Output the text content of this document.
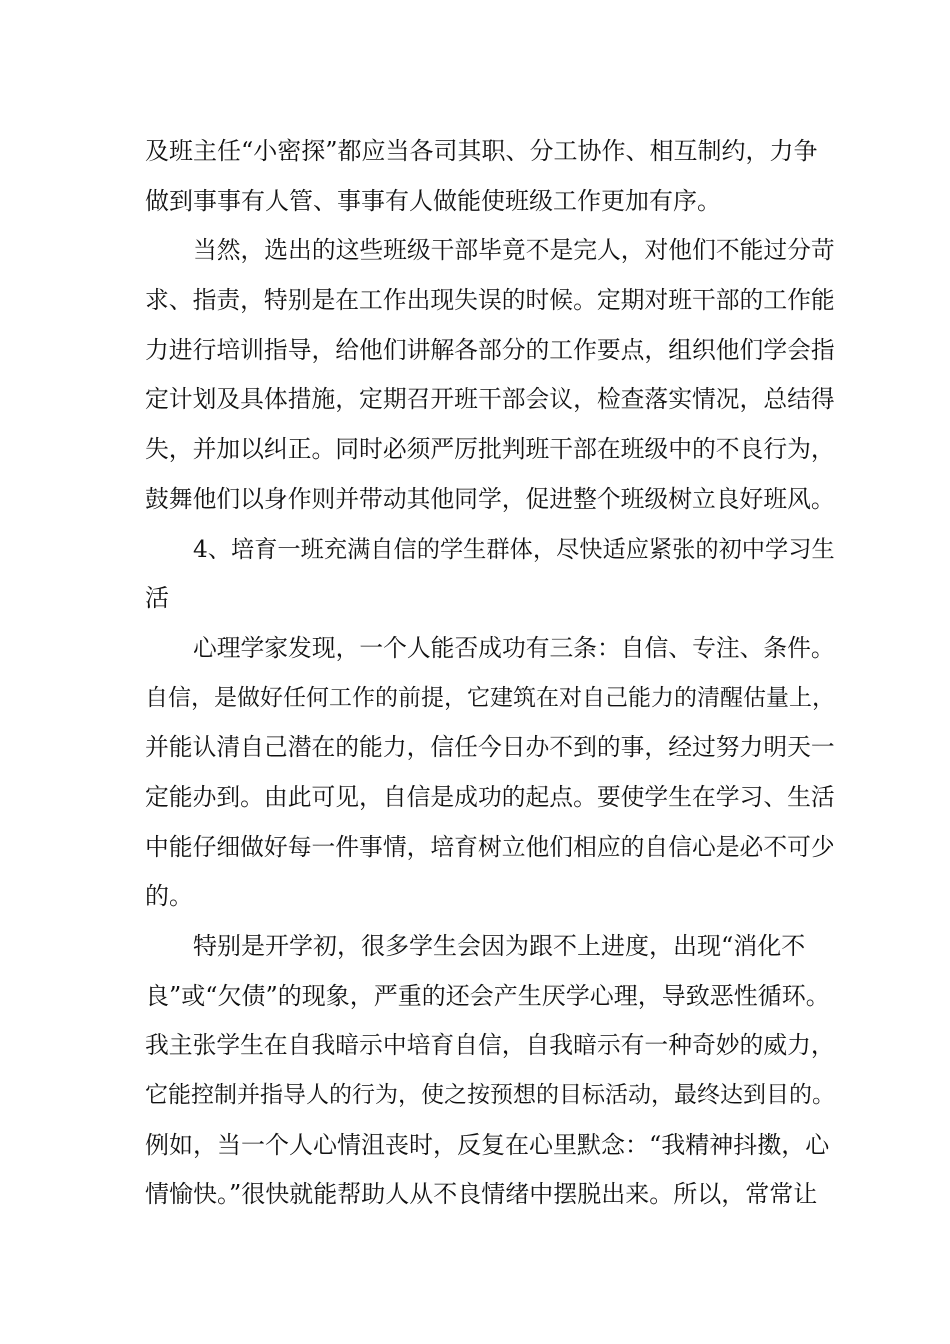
及班主任“小密探”都应当各司其职、分工协作、相互制约，力争

做到事事有人管、事事有人做能使班级工作更加有序。

当然，选出的这些班级干部毕竟不是完人，对他们不能过分苛

求、指责，特别是在工作出现失误的时候。定期对班干部的工作能

力进行培训指导，给他们讲解各部分的工作要点，组织他们学会指

定计划及具体措施，定期召开班干部会议，检查落实情况，总结得

失，并加以纠正。同时必须严厉批判班干部在班级中的不良行为，

鼓舞他们以身作则并带动其他同学，促进整个班级树立良好班风。

4、培育一班充满自信的学生群体，尽快适应紧张的初中学习生

活

心理学家发现，一个人能否成功有三条：自信、专注、条件。

自信，是做好任何工作的前提，它建筑在对自己能力的清醒估量上，

并能认清自己潜在的能力，信任今日办不到的事，经过努力明天一

定能办到。由此可见，自信是成功的起点。要使学生在学习、生活

中能仔细做好每一件事情，培育树立他们相应的自信心是必不可少

的。

特别是开学初，很多学生会因为跟不上进度，出现“消化不

良”或“欠债”的现象，严重的还会产生厌学心理，导致恶性循环。

我主张学生在自我暗示中培育自信，自我暗示有一种奇妙的威力，

它能控制并指导人的行为，使之按预想的目标活动，最终达到目的。

例如，当一个人心情沮丧时，反复在心里默念：“我精神抖擞，心

情愉快。”很快就能帮助人从不良情绪中摆脱出来。所以，常常让
